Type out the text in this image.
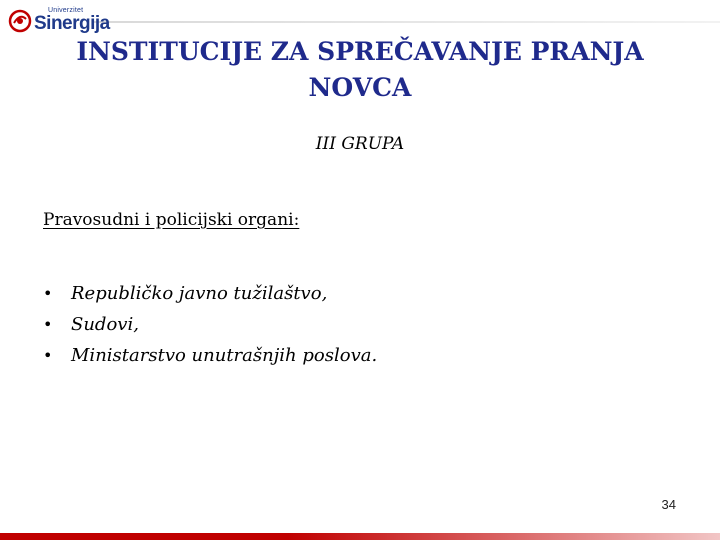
Univerzitet
Sinergija
INSTITUCIJE ZA SPREČAVANJE PRANJA NOVCA
III GRUPA
Pravosudni i policijski organi:
•	Republičko javno tužilaštvo,
•	Sudovi,
•	Ministarstvo unutrašnjih poslova.
34
